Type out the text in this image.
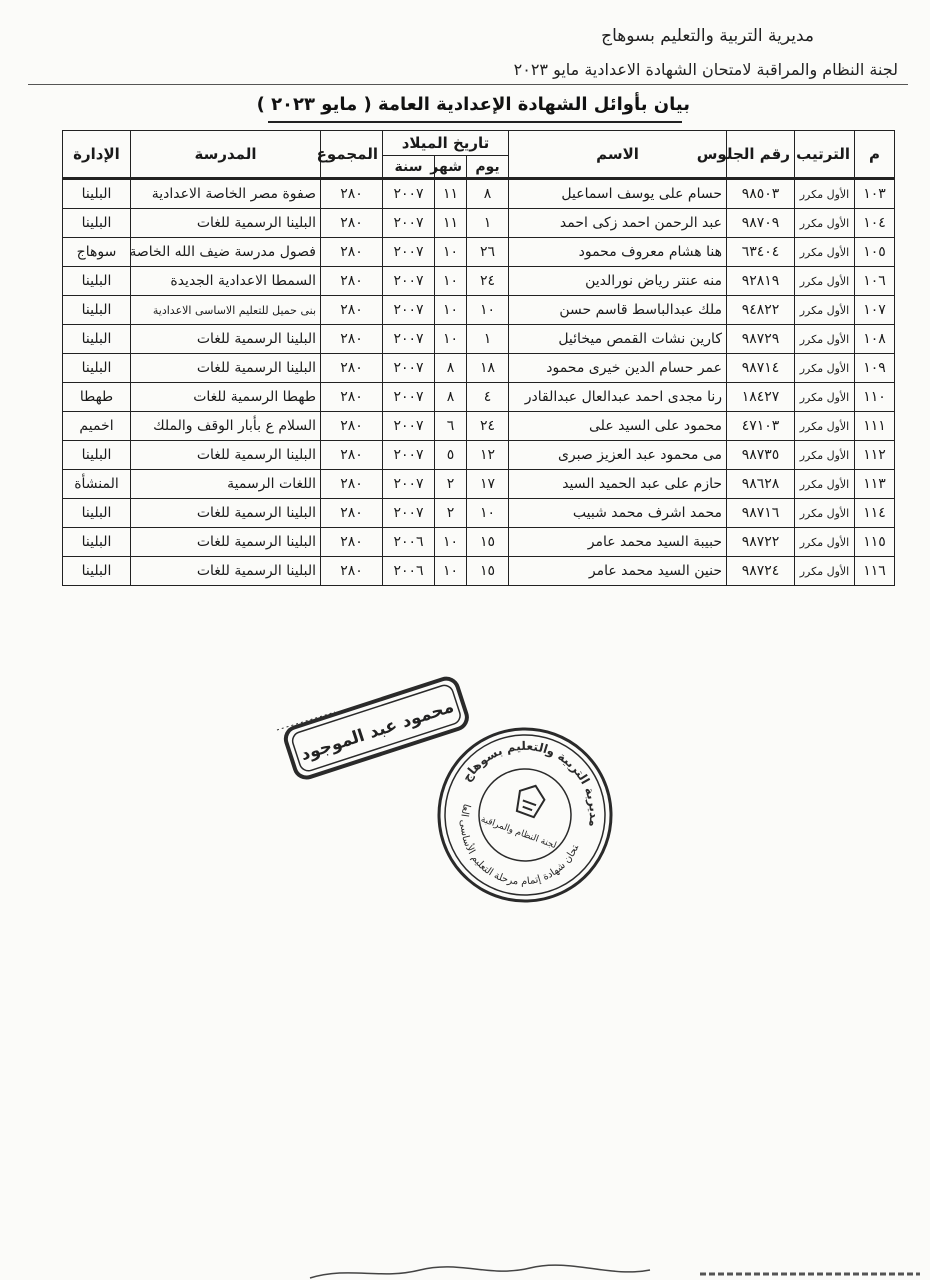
مديرية التربية والتعليم بسوهاج
لجنة النظام والمراقبة لامتحان الشهادة الاعدادية مايو ٢٠٢٣
بيان بأوائل الشهادة الإعدادية العامة ( مايو ٢٠٢٣ )
م	الترتيب	رقم الجلوس	الاسم	تاريخ الميلاد			المجموع	المدرسة	الإدارة
				يوم	شهر	سنة			
١٠٣	الأول مكرر	٩٨٥٠٣	حسام على يوسف اسماعيل	٨	١١	٢٠٠٧	٢٨٠	صفوة مصر الخاصة الاعدادية	البلينا
١٠٤	الأول مكرر	٩٨٧٠٩	عبد الرحمن احمد زكى احمد	١	١١	٢٠٠٧	٢٨٠	البلينا الرسمية للغات	البلينا
١٠٥	الأول مكرر	٦٣٤٠٤	هنا هشام معروف محمود	٢٦	١٠	٢٠٠٧	٢٨٠	فصول مدرسة ضيف الله الخاصة	سوهاج
١٠٦	الأول مكرر	٩٢٨١٩	منه عنتر رياض نورالدين	٢٤	١٠	٢٠٠٧	٢٨٠	السمطا الاعدادية الجديدة	البلينا
١٠٧	الأول مكرر	٩٤٨٢٢	ملك عبدالباسط قاسم حسن	١٠	١٠	٢٠٠٧	٢٨٠	بنى حميل للتعليم الاساسى الاعدادية	البلينا
١٠٨	الأول مكرر	٩٨٧٢٩	كارين نشات القمص ميخائيل	١	١٠	٢٠٠٧	٢٨٠	البلينا الرسمية للغات	البلينا
١٠٩	الأول مكرر	٩٨٧١٤	عمر حسام الدين خيرى محمود	١٨	٨	٢٠٠٧	٢٨٠	البلينا الرسمية للغات	البلينا
١١٠	الأول مكرر	١٨٤٢٧	رنا مجدى احمد عبدالعال عبدالقادر	٤	٨	٢٠٠٧	٢٨٠	طهطا الرسمية للغات	طهطا
١١١	الأول مكرر	٤٧١٠٣	محمود على السيد على	٢٤	٦	٢٠٠٧	٢٨٠	السلام ع بأبار الوقف والملك	اخميم
١١٢	الأول مكرر	٩٨٧٣٥	مى محمود عبد العزيز صبرى	١٢	٥	٢٠٠٧	٢٨٠	البلينا الرسمية للغات	البلينا
١١٣	الأول مكرر	٩٨٦٢٨	حازم على عبد الحميد السيد	١٧	٢	٢٠٠٧	٢٨٠	اللغات الرسمية	المنشأة
١١٤	الأول مكرر	٩٨٧١٦	محمد اشرف محمد شبيب	١٠	٢	٢٠٠٧	٢٨٠	البلينا الرسمية للغات	البلينا
١١٥	الأول مكرر	٩٨٧٢٢	حبيبة السيد محمد عامر	١٥	١٠	٢٠٠٦	٢٨٠	البلينا الرسمية للغات	البلينا
١١٦	الأول مكرر	٩٨٧٢٤	حنين السيد محمد عامر	١٥	١٠	٢٠٠٦	٢٨٠	البلينا الرسمية للغات	البلينا
محمود عبد الموجود
مديرية التربية والتعليم بسوهاج
امتحان شهادة إتمام مرحلة التعليم الأساسى العام	لجنة النظام والمراقبة
